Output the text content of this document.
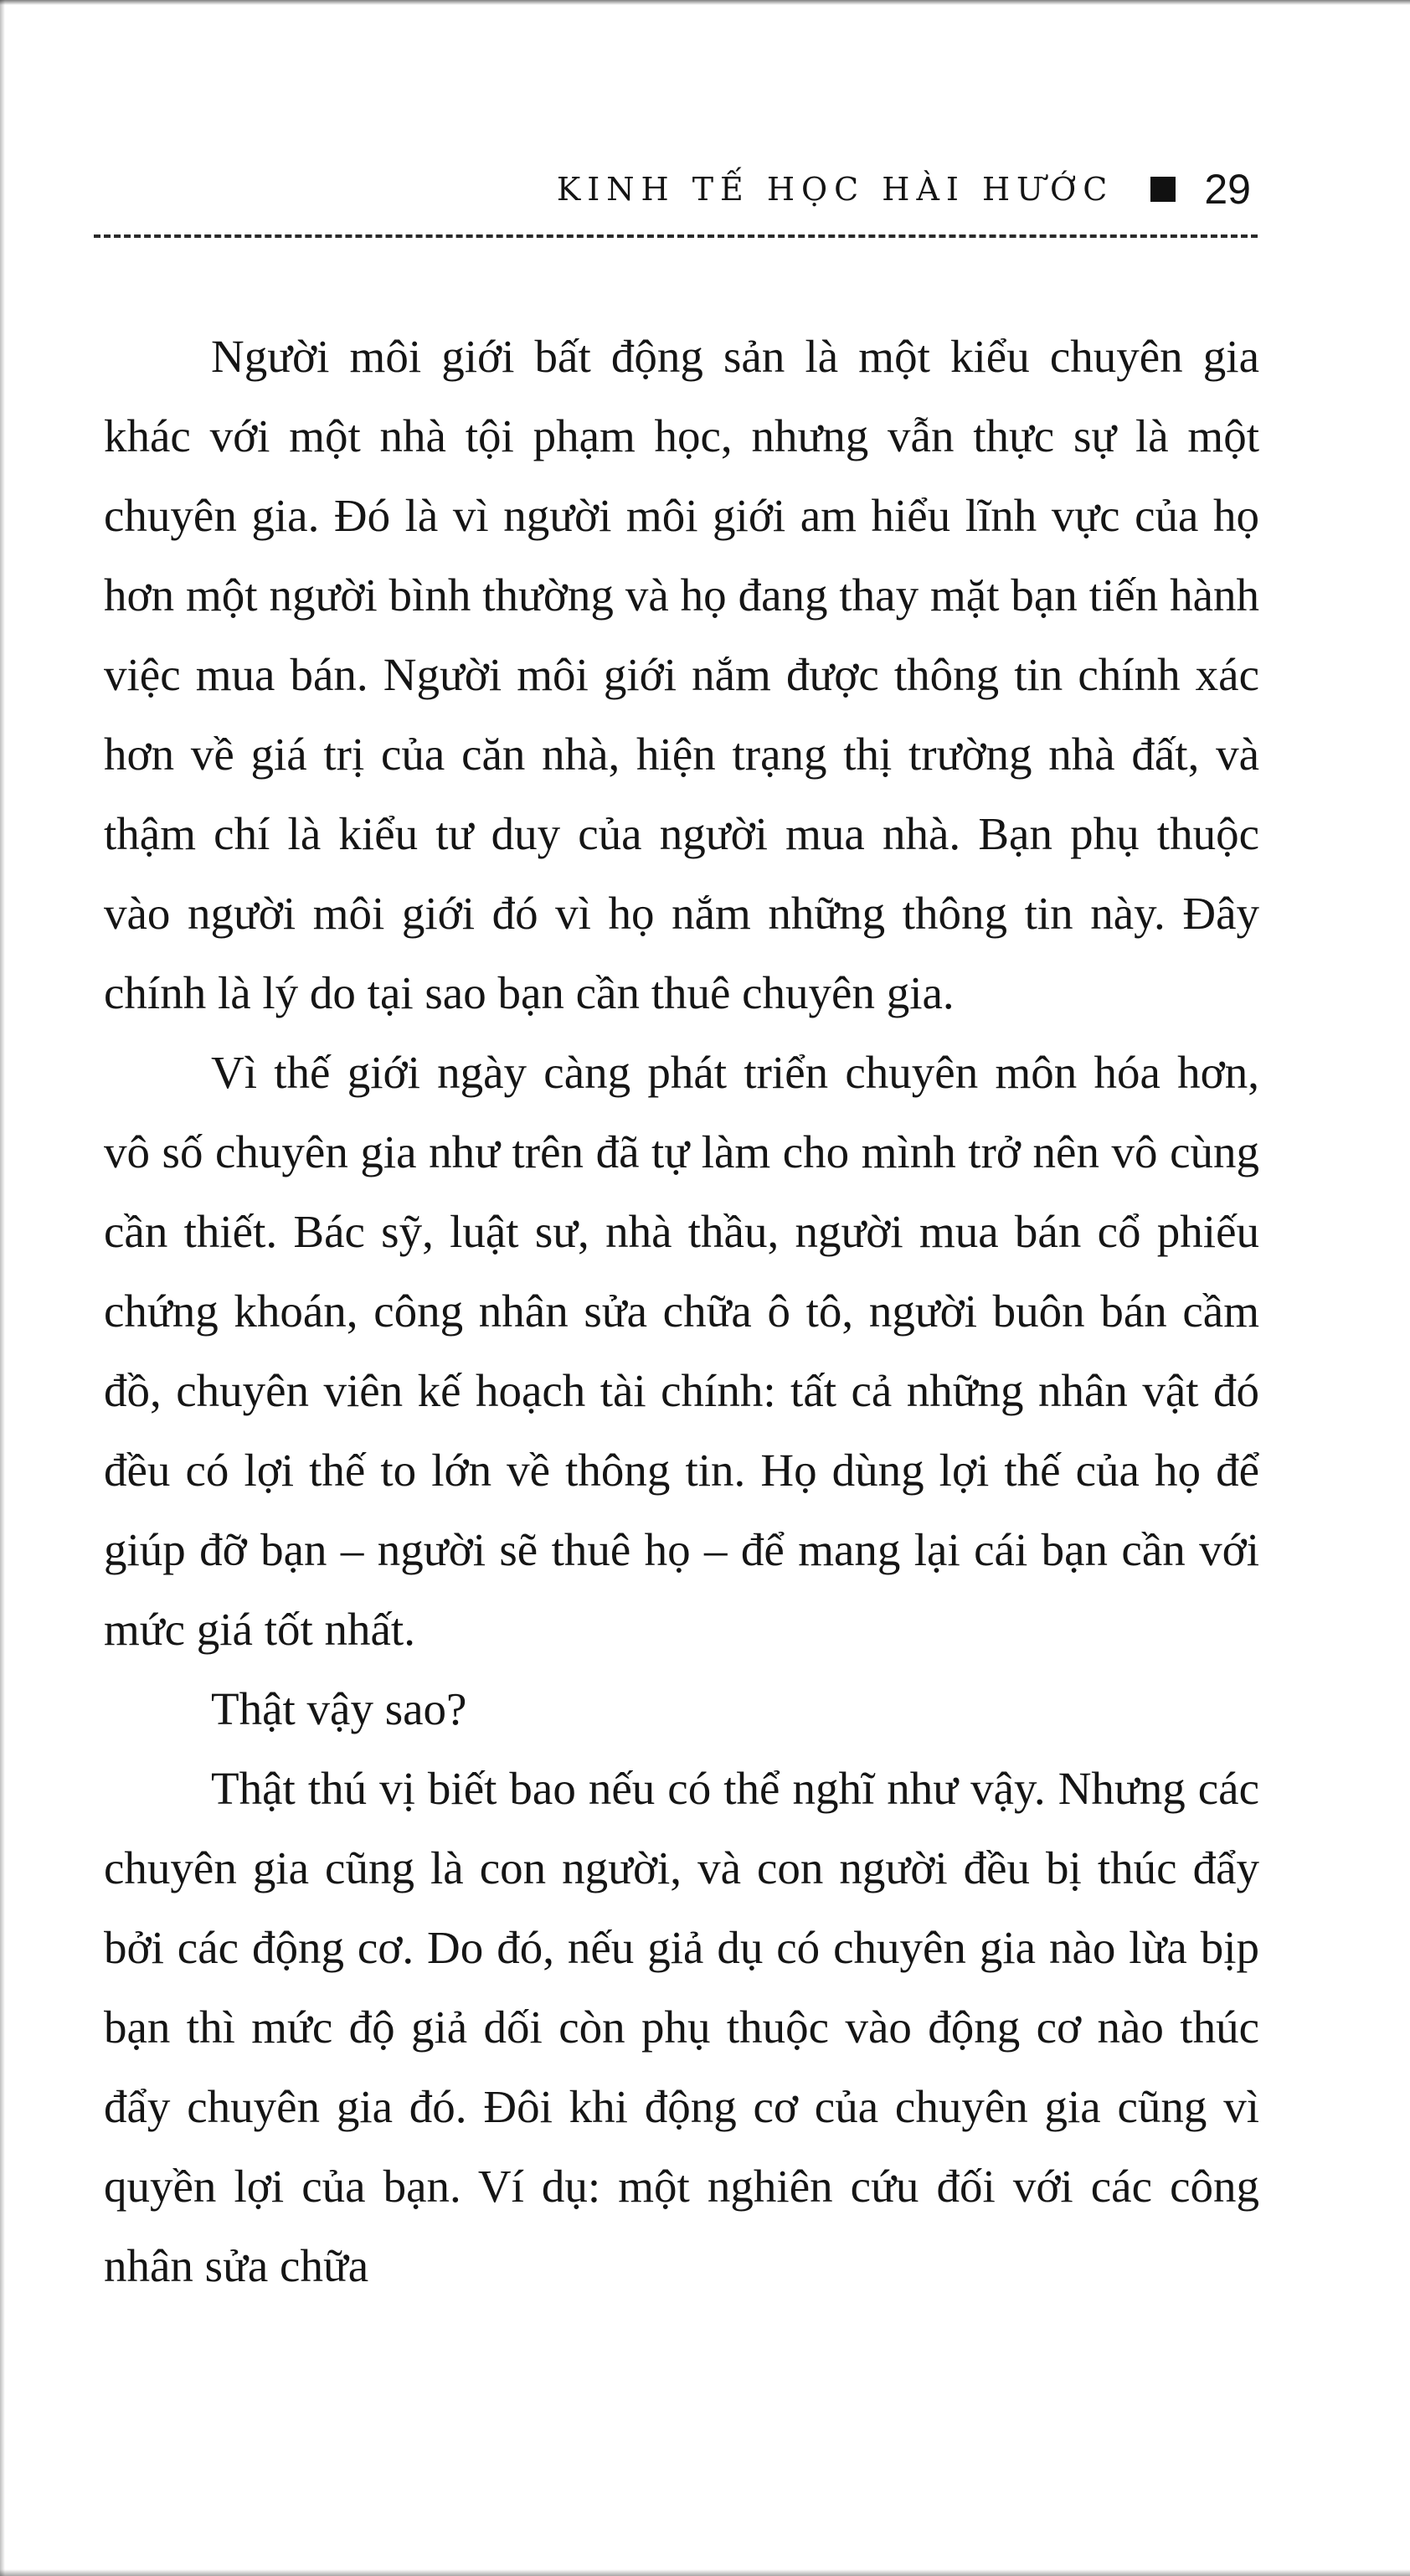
KINH TẾ HỌC HÀI HƯỚC 29

Người môi giới bất động sản là một kiểu chuyên gia khác với một nhà tội phạm học, nhưng vẫn thực sự là một chuyên gia. Đó là vì người môi giới am hiểu lĩnh vực của họ hơn một người bình thường và họ đang thay mặt bạn tiến hành việc mua bán. Người môi giới nắm được thông tin chính xác hơn về giá trị của căn nhà, hiện trạng thị trường nhà đất, và thậm chí là kiểu tư duy của người mua nhà. Bạn phụ thuộc vào người môi giới đó vì họ nắm những thông tin này. Đây chính là lý do tại sao bạn cần thuê chuyên gia.

Vì thế giới ngày càng phát triển chuyên môn hóa hơn, vô số chuyên gia như trên đã tự làm cho mình trở nên vô cùng cần thiết. Bác sỹ, luật sư, nhà thầu, người mua bán cổ phiếu chứng khoán, công nhân sửa chữa ô tô, người buôn bán cầm đồ, chuyên viên kế hoạch tài chính: tất cả những nhân vật đó đều có lợi thế to lớn về thông tin. Họ dùng lợi thế của họ để giúp đỡ bạn – người sẽ thuê họ – để mang lại cái bạn cần với mức giá tốt nhất.

Thật vậy sao?

Thật thú vị biết bao nếu có thể nghĩ như vậy. Nhưng các chuyên gia cũng là con người, và con người đều bị thúc đẩy bởi các động cơ. Do đó, nếu giả dụ có chuyên gia nào lừa bịp bạn thì mức độ giả dối còn phụ thuộc vào động cơ nào thúc đẩy chuyên gia đó. Đôi khi động cơ của chuyên gia cũng vì quyền lợi của bạn. Ví dụ: một nghiên cứu đối với các công nhân sửa chữa
